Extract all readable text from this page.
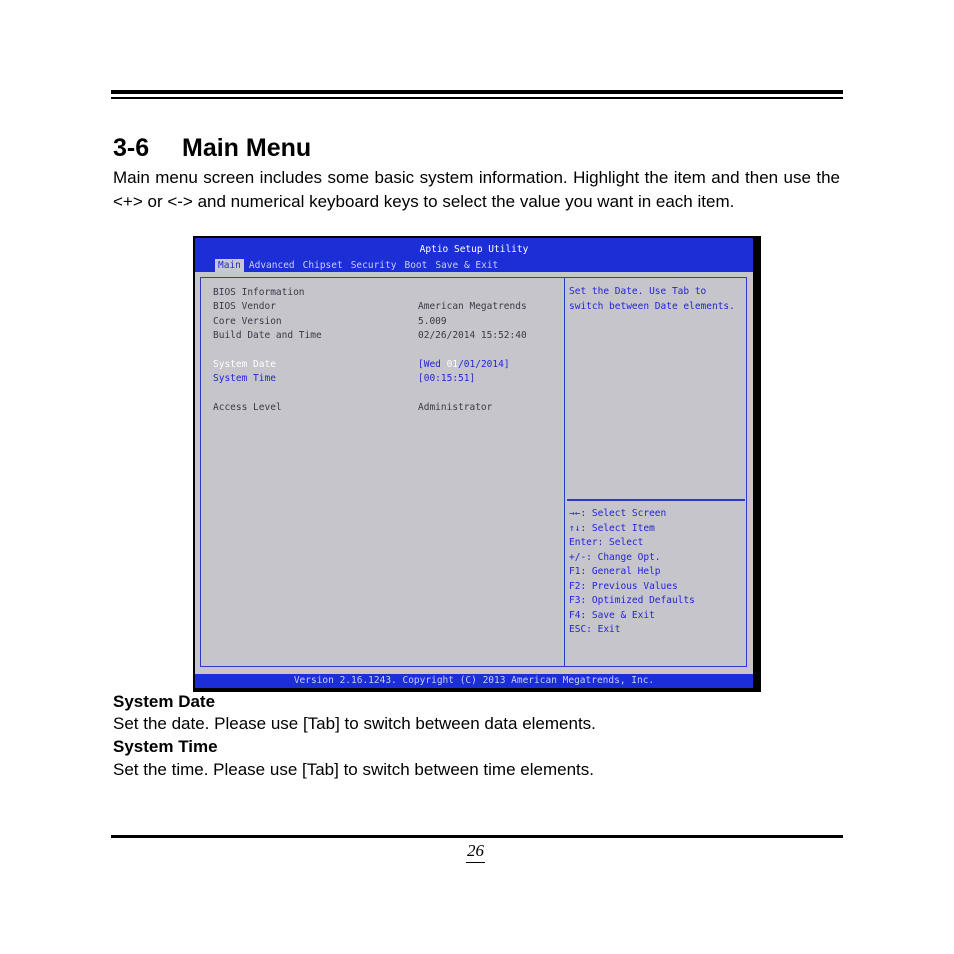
3-6 Main Menu
Main menu screen includes some basic system information. Highlight the item and then use the <+> or <-> and numerical keyboard keys to select the value you want in each item.
Aptio Setup Utility
Main Advanced Chipset Security Boot Save & Exit
BIOS Information
BIOS Vendor	American Megatrends
Core Version	5.009
Build Date and Time	02/26/2014 15:52:40
System Date	[Wed 01/01/2014]
System Time	[00:15:51]
Access Level	Administrator
Set the Date. Use Tab to switch between Date elements.
→←: Select Screen
↑↓: Select Item
Enter: Select
+/-: Change Opt.
F1: General Help
F2: Previous Values
F3: Optimized Defaults
F4: Save & Exit
ESC: Exit
Version 2.16.1243. Copyright (C) 2013 American Megatrends, Inc.
System Date
Set the date. Please use [Tab] to switch between data elements.
System Time
Set the time. Please use [Tab] to switch between time elements.
26
